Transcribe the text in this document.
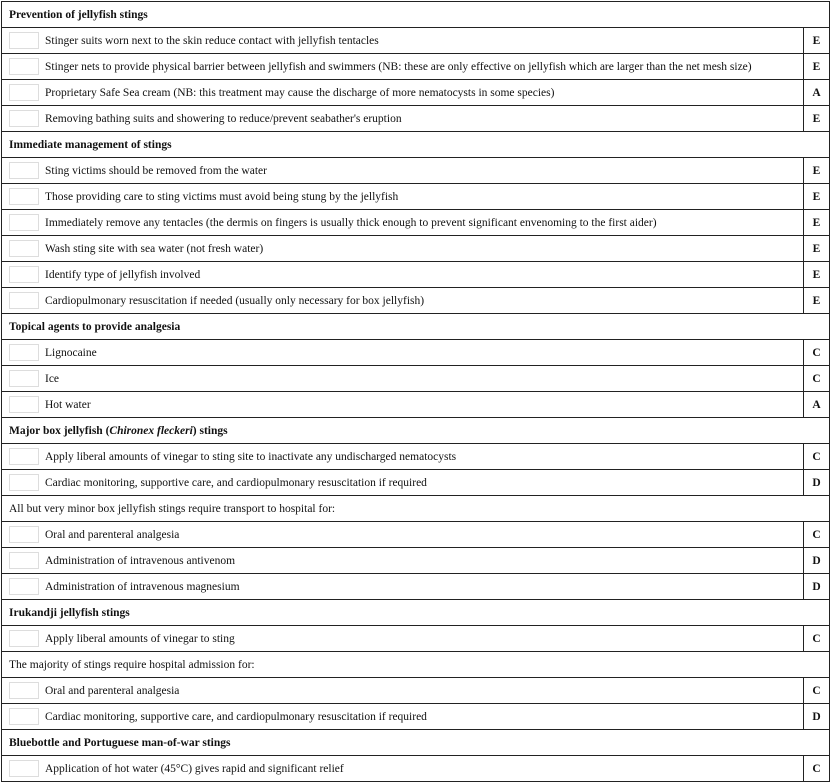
Prevention of jellyfish stings
Stinger suits worn next to the skin reduce contact with jellyfish tentacles	E
Stinger nets to provide physical barrier between jellyfish and swimmers (NB: these are only effective on jellyfish which are larger than the net mesh size)	E
Proprietary Safe Sea cream (NB: this treatment may cause the discharge of more nematocysts in some species)	A
Removing bathing suits and showering to reduce/prevent seabather's eruption	E
Immediate management of stings
Sting victims should be removed from the water	E
Those providing care to sting victims must avoid being stung by the jellyfish	E
Immediately remove any tentacles (the dermis on fingers is usually thick enough to prevent significant envenoming to the first aider)	E
Wash sting site with sea water (not fresh water)	E
Identify type of jellyfish involved	E
Cardiopulmonary resuscitation if needed (usually only necessary for box jellyfish)	E
Topical agents to provide analgesia
Lignocaine	C
Ice	C
Hot water	A
Major box jellyfish ( Chironex fleckeri ) stings
Apply liberal amounts of vinegar to sting site to inactivate any undischarged nematocysts	C
Cardiac monitoring, supportive care, and cardiopulmonary resuscitation if required	D
All but very minor box jellyfish stings require transport to hospital for:
Oral and parenteral analgesia	C
Administration of intravenous antivenom	D
Administration of intravenous magnesium	D
Irukandji jellyfish stings
Apply liberal amounts of vinegar to sting	C
The majority of stings require hospital admission for:
Oral and parenteral analgesia	C
Cardiac monitoring, supportive care, and cardiopulmonary resuscitation if required	D
Bluebottle and Portuguese man-of-war stings
Application of hot water (45°C) gives rapid and significant relief	C
